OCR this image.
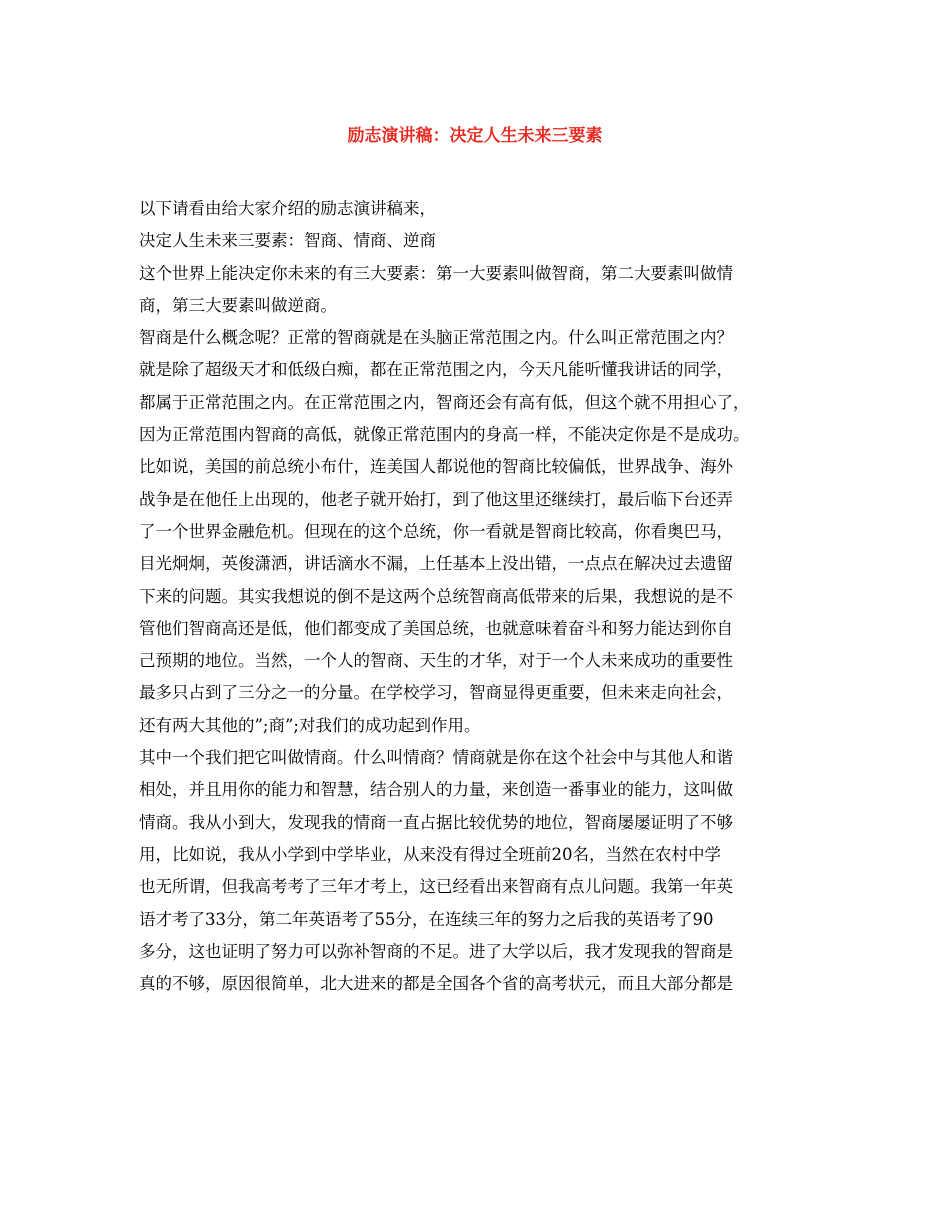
励志演讲稿：决定人生未来三要素
以下请看由给大家介绍的励志演讲稿来，
决定人生未来三要素：智商、情商、逆商
这个世界上能决定你未来的有三大要素：第一大要素叫做智商，第二大要素叫做情
商，第三大要素叫做逆商。
智商是什么概念呢？正常的智商就是在头脑正常范围之内。什么叫正常范围之内？
就是除了超级天才和低级白痴，都在正常范围之内，今天凡能听懂我讲话的同学，
都属于正常范围之内。在正常范围之内，智商还会有高有低，但这个就不用担心了，
因为正常范围内智商的高低，就像正常范围内的身高一样，不能决定你是不是成功。
比如说，美国的前总统小布什，连美国人都说他的智商比较偏低，世界战争、海外
战争是在他任上出现的，他老子就开始打，到了他这里还继续打，最后临下台还弄
了一个世界金融危机。但现在的这个总统，你一看就是智商比较高，你看奥巴马，
目光炯炯，英俊潇洒，讲话滴水不漏，上任基本上没出错，一点点在解决过去遗留
下来的问题。其实我想说的倒不是这两个总统智商高低带来的后果，我想说的是不
管他们智商高还是低，他们都变成了美国总统，也就意味着奋斗和努力能达到你自
己预期的地位。当然，一个人的智商、天生的才华，对于一个人未来成功的重要性
最多只占到了三分之一的分量。在学校学习，智商显得更重要，但未来走向社会，
还有两大其他的”;商”;对我们的成功起到作用。
其中一个我们把它叫做情商。什么叫情商？情商就是你在这个社会中与其他人和谐
相处，并且用你的能力和智慧，结合别人的力量，来创造一番事业的能力，这叫做
情商。我从小到大，发现我的情商一直占据比较优势的地位，智商屡屡证明了不够
用，比如说，我从小学到中学毕业，从来没有得过全班前20名，当然在农村中学
也无所谓，但我高考考了三年才考上，这已经看出来智商有点儿问题。我第一年英
语才考了33分，第二年英语考了55分，在连续三年的努力之后我的英语考了90
多分，这也证明了努力可以弥补智商的不足。进了大学以后，我才发现我的智商是
真的不够，原因很简单，北大进来的都是全国各个省的高考状元，而且大部分都是
